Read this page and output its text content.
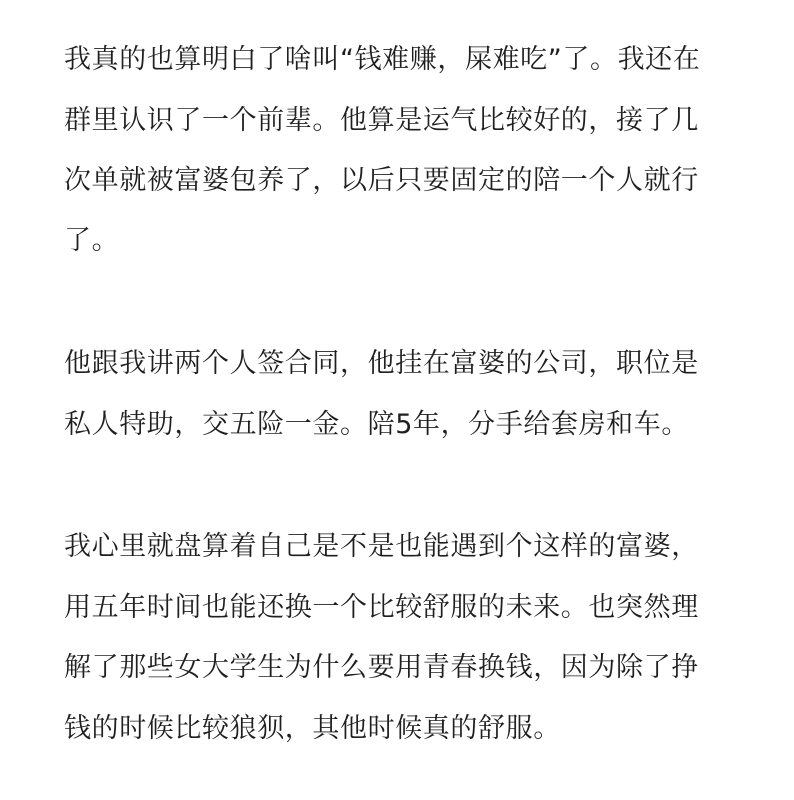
我真的也算明白了啥叫“钱难赚，屎难吃”了。我还在
群里认识了一个前辈。他算是运气比较好的，接了几
次单就被富婆包养了，以后只要固定的陪一个人就行
了。
他跟我讲两个人签合同，他挂在富婆的公司，职位是
私人特助，交五险一金。陪5年，分手给套房和车。
我心里就盘算着自己是不是也能遇到个这样的富婆，
用五年时间也能还换一个比较舒服的未来。也突然理
解了那些女大学生为什么要用青春换钱，因为除了挣
钱的时候比较狼狈，其他时候真的舒服。
